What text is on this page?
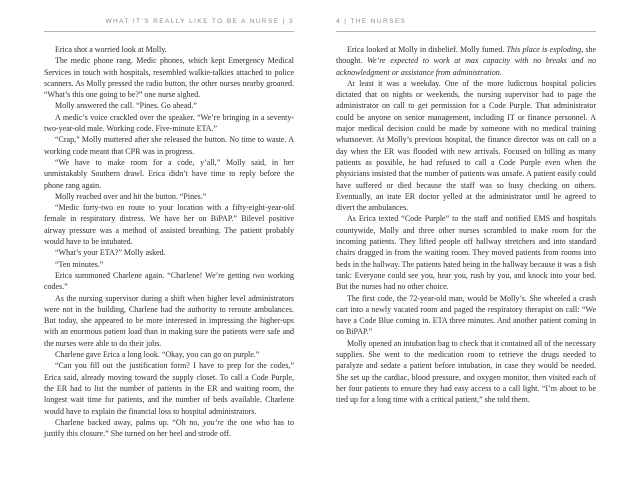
WHAT IT’S REALLY LIKE TO BE A NURSE | 3

Erica shot a worried look at Molly.

The medic phone rang. Medic phones, which kept Emergency Medical Services in touch with hospitals, resembled walkie-talkies attached to police scanners. As Molly pressed the radio button, the other nurses nearby groaned. “What’s this one going to be?” one nurse sighed.

Molly answered the call. “Pines. Go ahead.”

A medic’s voice crackled over the speaker. “We’re bringing in a seventy-two-year-old male. Working code. Five-minute ETA.”

“Crap,” Molly muttered after she released the button. No time to waste. A working code meant that CPR was in progress.

“We have to make room for a code, y’all,” Molly said, in her unmistakably Southern drawl. Erica didn’t have time to reply before the phone rang again.

Molly reached over and hit the button. “Pines.”

“Medic forty-two en route to your location with a fifty-eight-year-old female in respiratory distress. We have her on BiPAP.” Bilevel positive airway pressure was a method of assisted breathing. The patient probably would have to be intubated.

“What’s your ETA?” Molly asked.

“Ten minutes.”

Erica summoned Charlene again. “Charlene! We’re getting two working codes.”

As the nursing supervisor during a shift when higher level administrators were not in the building, Charlene had the authority to reroute ambulances. But today, she appeared to be more interested in impressing the higher-ups with an enormous patient load than in making sure the patients were safe and the nurses were able to do their jobs.

Charlene gave Erica a long look. “Okay, you can go on purple.”

“Can you fill out the justification form? I have to prep for the codes,” Erica said, already moving toward the supply closet. To call a Code Purple, the ER had to list the number of patients in the ER and waiting room, the longest wait time for patients, and the number of beds available. Charlene would have to explain the financial loss to hospital administrators.

Charlene backed away, palms up. “Oh no, you’re the one who has to justify this closure.” She turned on her heel and strode off.

4 | THE NURSES

Erica looked at Molly in disbelief. Molly fumed. This place is exploding, she thought. We’re expected to work at max capacity with no breaks and no acknowledgment or assistance from administration.

At least it was a weekday. One of the more ludicrous hospital policies dictated that on nights or weekends, the nursing supervisor had to page the administrator on call to get permission for a Code Purple. That administrator could be anyone on senior management, including IT or finance personnel. A major medical decision could be made by someone with no medical training whatsoever. At Molly’s previous hospital, the finance director was on call on a day when the ER was flooded with new arrivals. Focused on billing as many patients as possible, he had refused to call a Code Purple even when the physicians insisted that the number of patients was unsafe. A patient easily could have suffered or died because the staff was so busy checking on others. Eventually, an irate ER doctor yelled at the administrator until he agreed to divert the ambulances.

As Erica texted “Code Purple” to the staff and notified EMS and hospitals countywide, Molly and three other nurses scrambled to make room for the incoming patients. They lifted people off hallway stretchers and into standard chairs dragged in from the waiting room. They moved patients from rooms into beds in the hallway. The patients hated being in the hallway because it was a fish tank: Everyone could see you, hear you, rush by you, and knock into your bed. But the nurses had no other choice.

The first code, the 72-year-old man, would be Molly’s. She wheeled a crash cart into a newly vacated room and paged the respiratory therapist on call: “We have a Code Blue coming in. ETA three minutes. And another patient coming in on BiPAP.”

Molly opened an intubation bag to check that it contained all of the necessary supplies. She went to the medication room to retrieve the drugs needed to paralyze and sedate a patient before intubation, in case they would be needed. She set up the cardiac, blood pressure, and oxygen monitor, then visited each of her four patients to ensure they had easy access to a call light. “I’m about to be tied up for a long time with a critical patient,” she told them.
